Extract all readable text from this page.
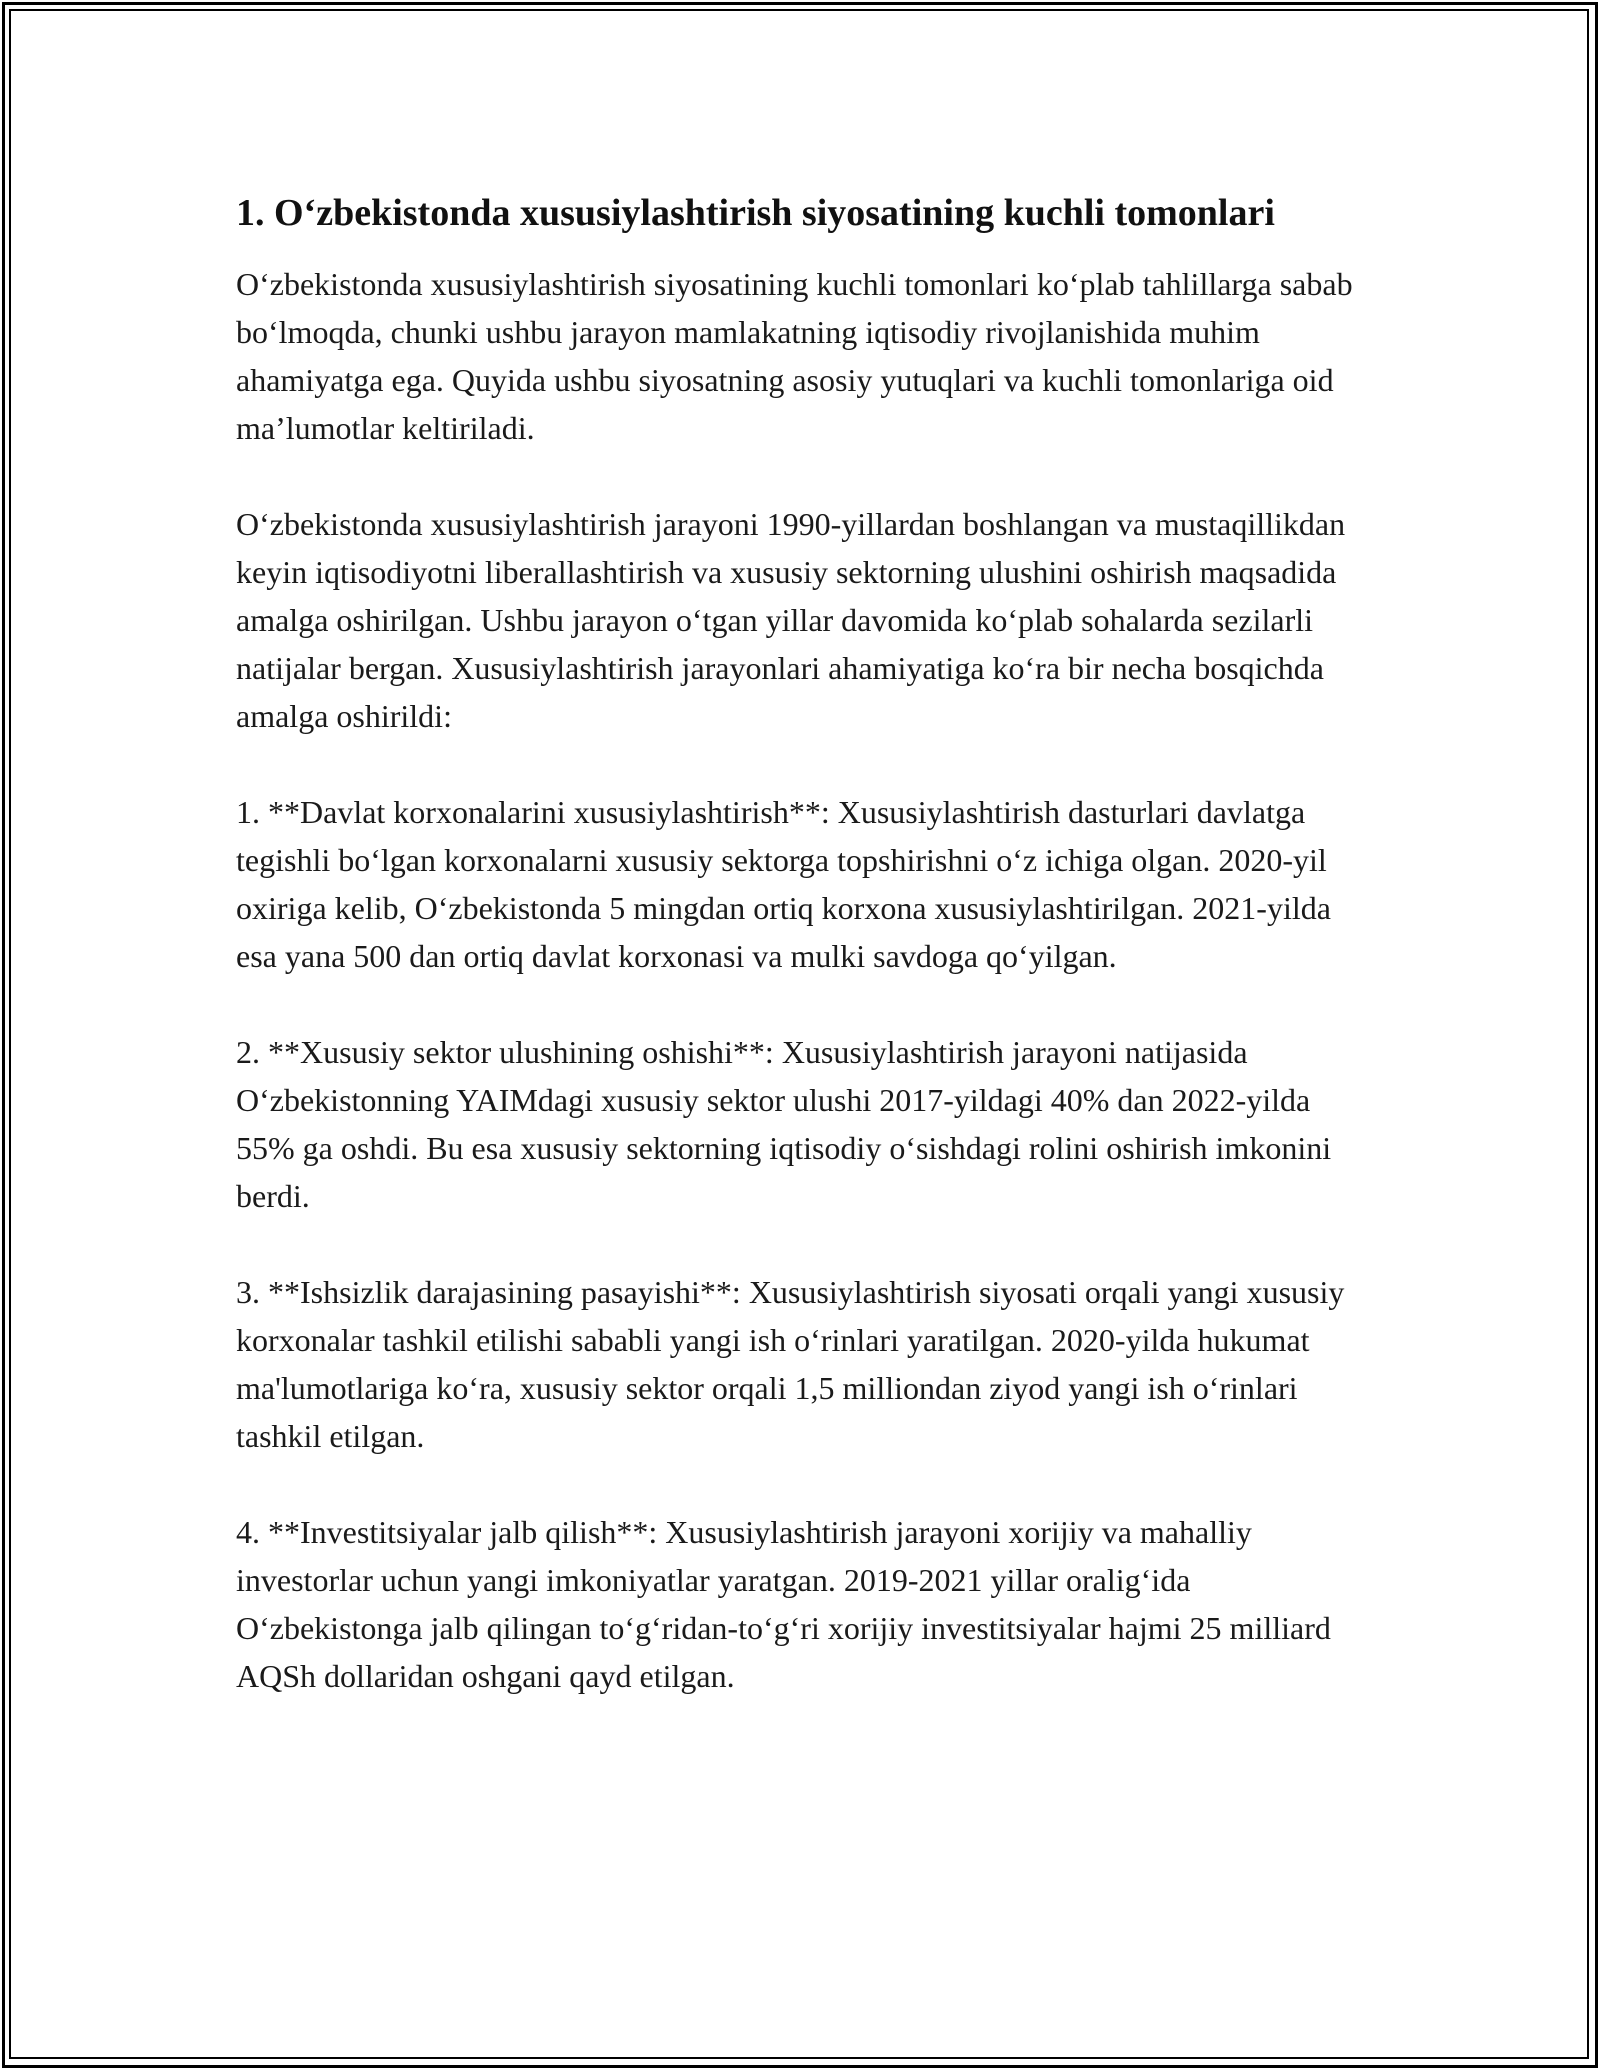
1. O‘zbekistonda xususiylashtirish siyosatining kuchli tomonlari

O‘zbekistonda xususiylashtirish siyosatining kuchli tomonlari ko‘plab tahlillarga sabab bo‘lmoqda, chunki ushbu jarayon mamlakatning iqtisodiy rivojlanishida muhim ahamiyatga ega. Quyida ushbu siyosatning asosiy yutuqlari va kuchli tomonlariga oid ma’lumotlar keltiriladi.

O‘zbekistonda xususiylashtirish jarayoni 1990-yillardan boshlangan va mustaqillikdan keyin iqtisodiyotni liberallashtirish va xususiy sektorning ulushini oshirish maqsadida amalga oshirilgan. Ushbu jarayon o‘tgan yillar davomida ko‘plab sohalarda sezilarli natijalar bergan. Xususiylashtirish jarayonlari ahamiyatiga ko‘ra bir necha bosqichda amalga oshirildi:

1. **Davlat korxonalarini xususiylashtirish**: Xususiylashtirish dasturlari davlatga tegishli bo‘lgan korxonalarni xususiy sektorga topshirishni o‘z ichiga olgan. 2020-yil oxiriga kelib, O‘zbekistonda 5 mingdan ortiq korxona xususiylashtirilgan. 2021-yilda esa yana 500 dan ortiq davlat korxonasi va mulki savdoga qo‘yilgan.

2. **Xususiy sektor ulushining oshishi**: Xususiylashtirish jarayoni natijasida O‘zbekistonning YAIMdagi xususiy sektor ulushi 2017-yildagi 40% dan 2022-yilda 55% ga oshdi. Bu esa xususiy sektorning iqtisodiy o‘sishdagi rolini oshirish imkonini berdi.

3. **Ishsizlik darajasining pasayishi**: Xususiylashtirish siyosati orqali yangi xususiy korxonalar tashkil etilishi sababli yangi ish o‘rinlari yaratilgan. 2020-yilda hukumat ma'lumotlariga ko‘ra, xususiy sektor orqali 1,5 milliondan ziyod yangi ish o‘rinlari tashkil etilgan.

4. **Investitsiyalar jalb qilish**: Xususiylashtirish jarayoni xorijiy va mahalliy investorlar uchun yangi imkoniyatlar yaratgan. 2019-2021 yillar oralig‘ida O‘zbekistonga jalb qilingan to‘g‘ridan-to‘g‘ri xorijiy investitsiyalar hajmi 25 milliard AQSh dollaridan oshgani qayd etilgan.
